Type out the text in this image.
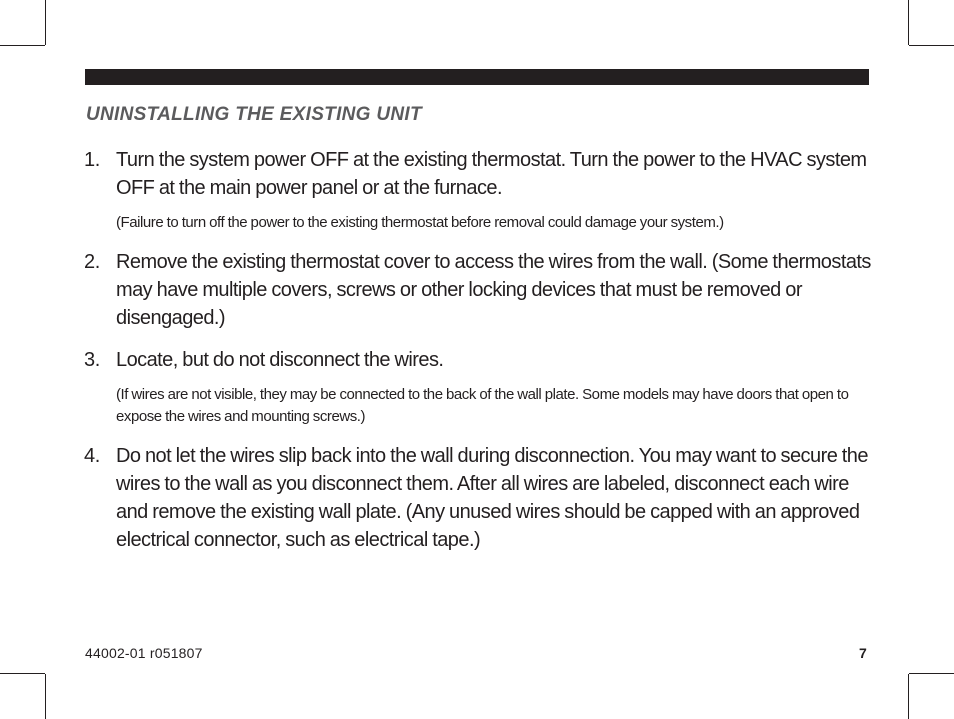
UNINSTALLING THE EXISTING UNIT
1. Turn the system power OFF at the existing thermostat. Turn the power to the HVAC system OFF at the main power panel or at the furnace.
(Failure to turn off the power to the existing thermostat before removal could damage your system.)
2. Remove the existing thermostat cover to access the wires from the wall. (Some thermostats may have multiple covers, screws or other locking devices that must be removed or disengaged.)
3. Locate, but do not disconnect the wires.
(If wires are not visible, they may be connected to the back of the wall plate. Some models may have doors that open to expose the wires and mounting screws.)
4. Do not let the wires slip back into the wall during disconnection. You may want to secure the wires to the wall as you disconnect them. After all wires are labeled, disconnect each wire and remove the existing wall plate. (Any unused wires should be capped with an approved electrical connector, such as electrical tape.)
44002-01 r051807	7
